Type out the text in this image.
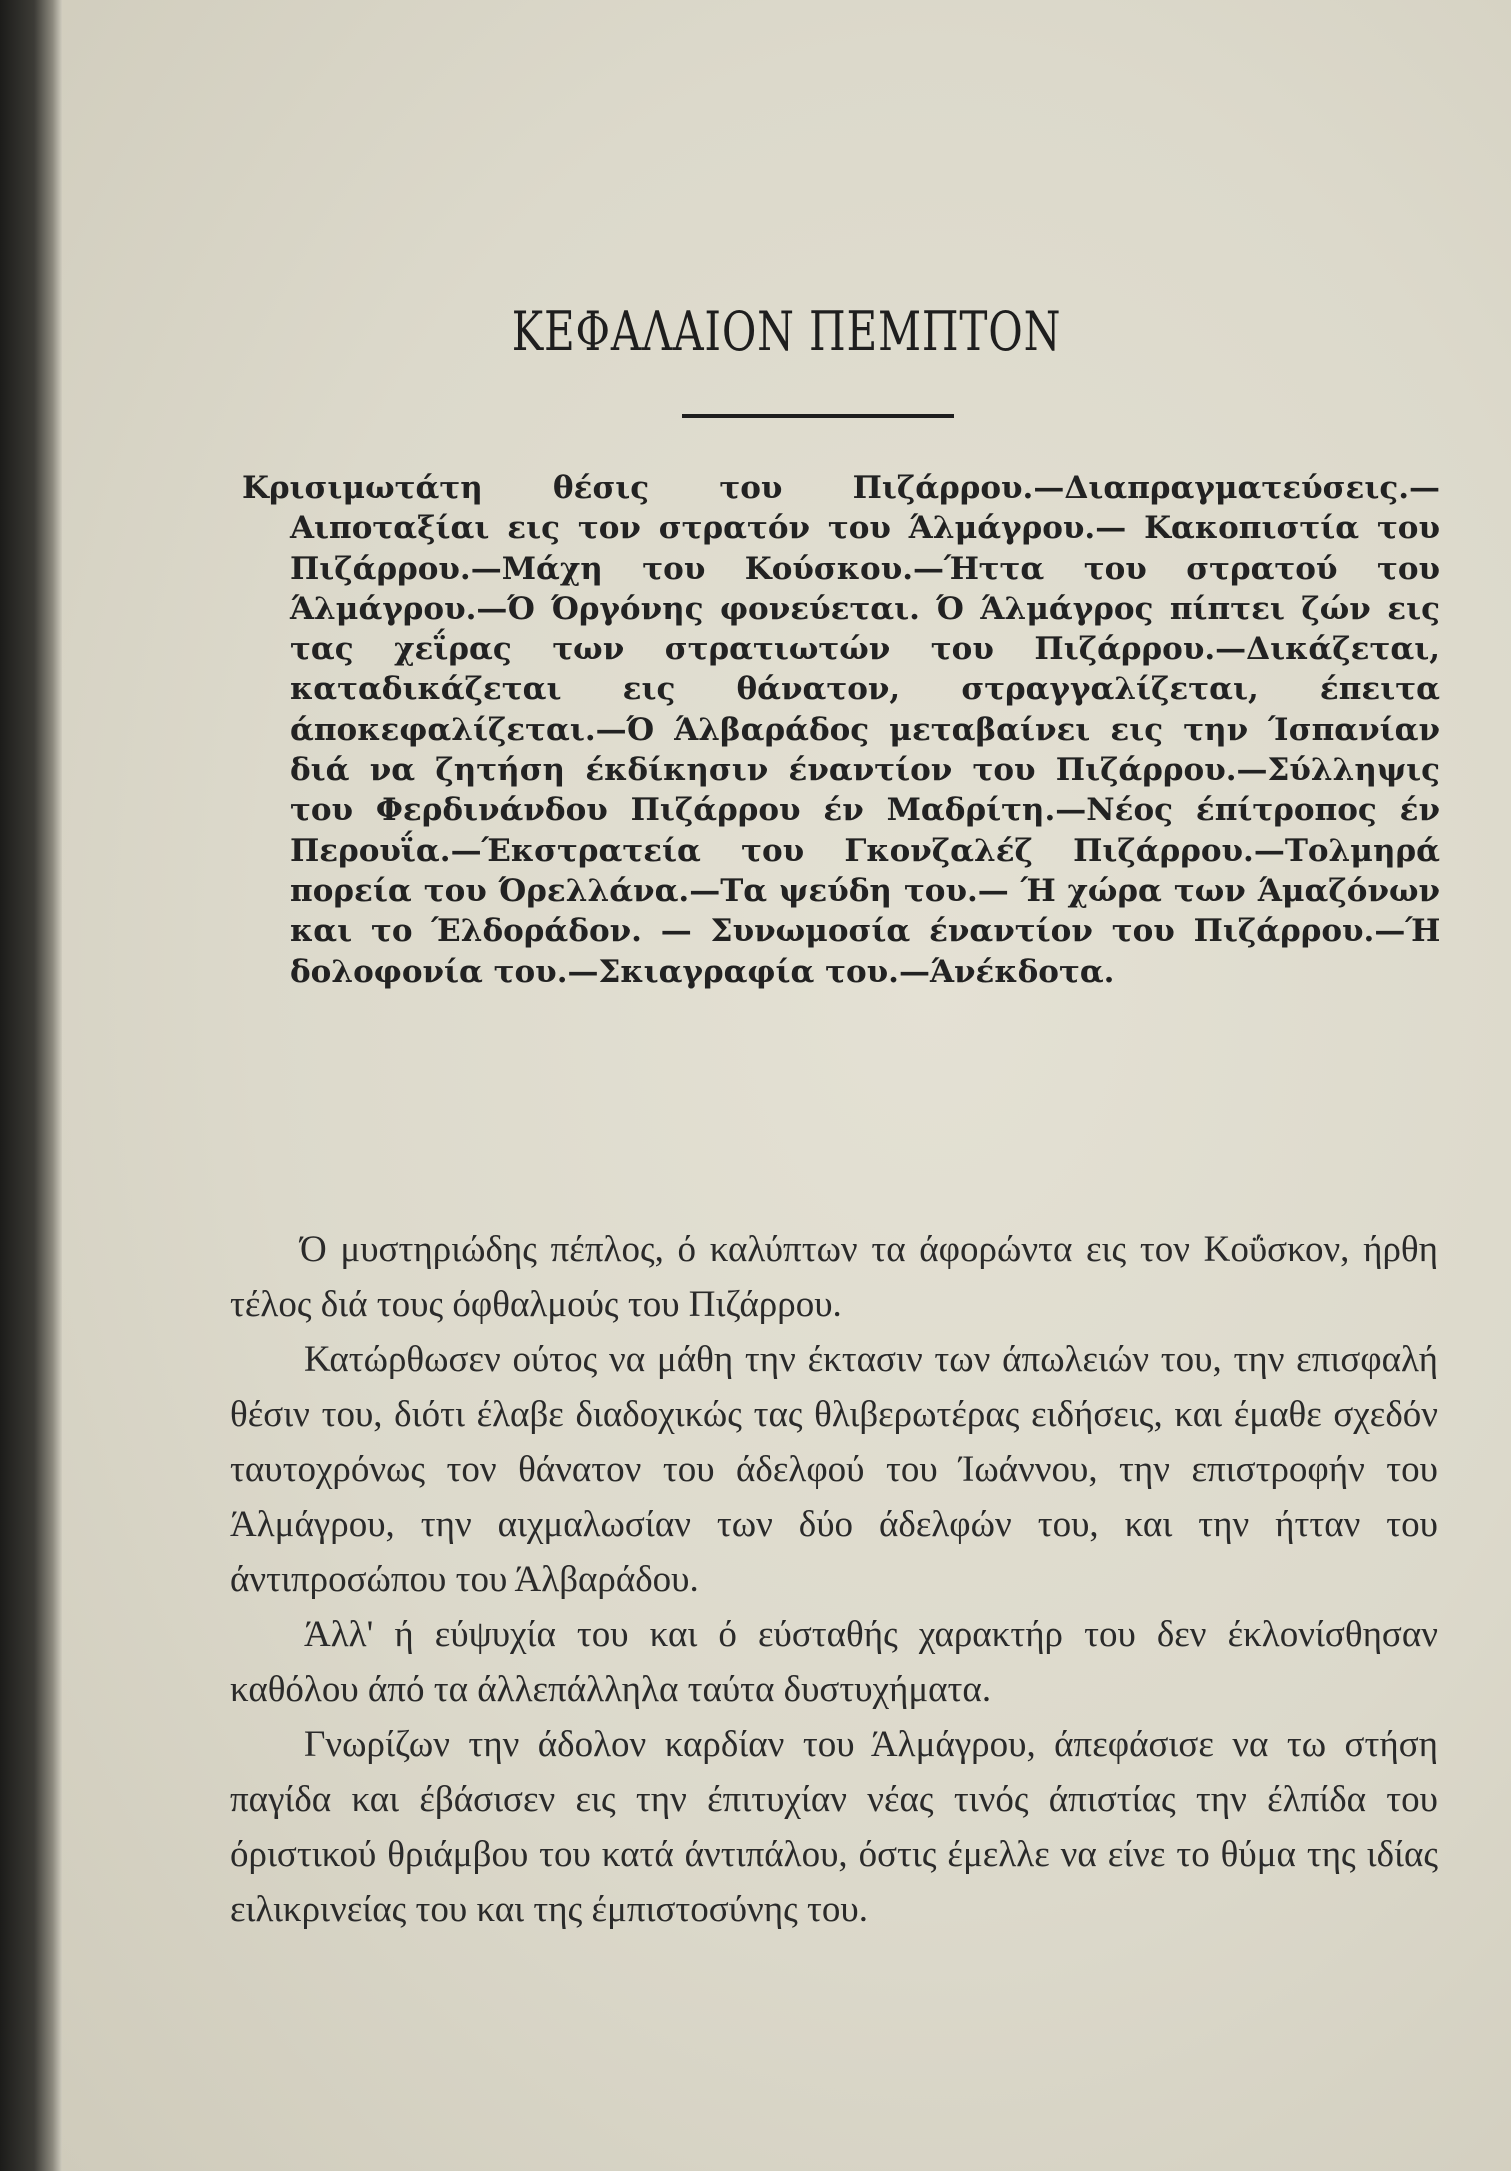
ΚΕΦΑΛΑΙΟΝ ΠΕΜΠΤΟΝ

Κρισιμωτάτη θέσις του Πιζάρρου.—Διαπραγματεύσεις.— Αιποταξίαι εις τον στρατόν του Άλμάγρου.— Κακοπιστία του Πιζάρρου.—Μάχη του Κούσκου.—Ήττα του στρατού του Άλμάγρου.—Ό Όργόνης φονεύεται. Ό Άλμάγρος πίπτει ζών εις τας χεΐρας των στρατιωτών του Πιζάρρου.—Δικάζεται, καταδικάζεται εις θάνατον, στραγγαλίζεται, έπειτα άποκεφαλίζεται.—Ό Άλβαράδος μεταβαίνει εις την Ίσπανίαν διά να ζητήση έκδίκησιν έναντίον του Πιζάρρου.—Σύλληψις του Φερδινάνδου Πιζάρρου έν Μαδρίτη.—Νέος έπίτροπος έν Περουΐα.—Έκστρατεία του Γκονζαλέζ Πιζάρρου.—Τολμηρά πορεία του Όρελλάνα.—Τα ψεύδη του.— Ή χώρα των Άμαζόνων και το Έλδοράδον. — Συνωμοσία έναντίον του Πιζάρρου.—Ή δολοφονία του.—Σκιαγραφία του.—Άνέκδοτα.

Ό μυστηριώδης πέπλος, ό καλύπτων τα άφορώντα εις τον Κοΰσκον, ήρθη τέλος διά τους όφθαλμούς του Πιζάρρου.

Κατώρθωσεν ούτος να μάθη την έκτασιν των άπωλειών του, την επισφαλή θέσιν του, διότι έλαβε διαδοχικώς τας θλιβερωτέρας ειδήσεις, και έμαθε σχεδόν ταυτοχρόνως τον θάνατον του άδελφού του Ίωάννου, την επιστροφήν του Άλμάγρου, την αιχμαλωσίαν των δύο άδελφών του, και την ήτταν του άντιπροσώπου του Άλβαράδου.

Άλλ' ή εύψυχία του και ό εύσταθής χαρακτήρ του δεν έκλονίσθησαν καθόλου άπό τα άλλεπάλληλα ταύτα δυστυχήματα.

Γνωρίζων την άδολον καρδίαν του Άλμάγρου, άπεφάσισε να τω στήση παγίδα και έβάσισεν εις την έπιτυχίαν νέας τινός άπιστίας την έλπίδα του όριστικού θριάμβου του κατά άντιπάλου, όστις έμελλε να είνε το θύμα της ιδίας ειλικρινείας του και της έμπιστοσύνης του.
